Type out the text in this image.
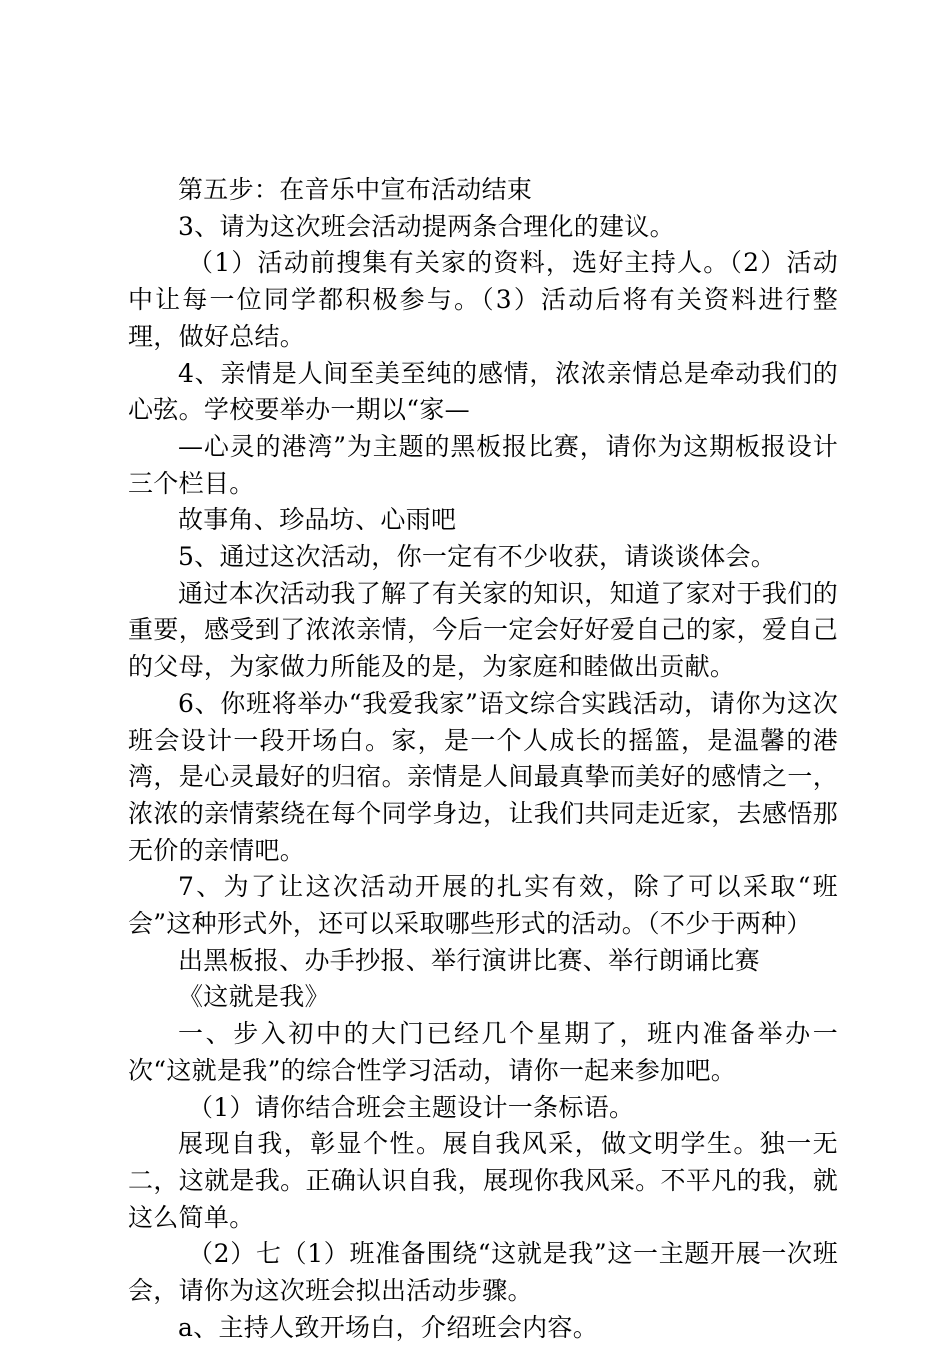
第五步：在音乐中宣布活动结束

3、请为这次班会活动提两条合理化的建议。

（1）活动前搜集有关家的资料，选好主持人。（2）活动中让每一位同学都积极参与。（3）活动后将有关资料进行整理，做好总结。

4、亲情是人间至美至纯的感情，浓浓亲情总是牵动我们的心弦。学校要举办一期以“家—

—心灵的港湾”为主题的黑板报比赛，请你为这期板报设计三个栏目。

故事角、珍品坊、心雨吧

5、通过这次活动，你一定有不少收获，请谈谈体会。

通过本次活动我了解了有关家的知识，知道了家对于我们的重要，感受到了浓浓亲情，今后一定会好好爱自己的家，爱自己的父母，为家做力所能及的是，为家庭和睦做出贡献。

6、你班将举办“我爱我家”语文综合实践活动，请你为这次班会设计一段开场白。家，是一个人成长的摇篮，是温馨的港湾，是心灵最好的归宿。亲情是人间最真挚而美好的感情之一，浓浓的亲情萦绕在每个同学身边，让我们共同走近家，去感悟那无价的亲情吧。

7、为了让这次活动开展的扎实有效，除了可以采取“班会”这种形式外，还可以采取哪些形式的活动。（不少于两种）

出黑板报、办手抄报、举行演讲比赛、举行朗诵比赛

《这就是我》

一、步入初中的大门已经几个星期了，班内准备举办一次“这就是我”的综合性学习活动，请你一起来参加吧。

（1）请你结合班会主题设计一条标语。

展现自我，彰显个性。展自我风采，做文明学生。独一无二，这就是我。正确认识自我，展现你我风采。不平凡的我，就这么简单。

（2）七（1）班准备围绕“这就是我”这一主题开展一次班会，请你为这次班会拟出活动步骤。

a、主持人致开场白，介绍班会内容。
